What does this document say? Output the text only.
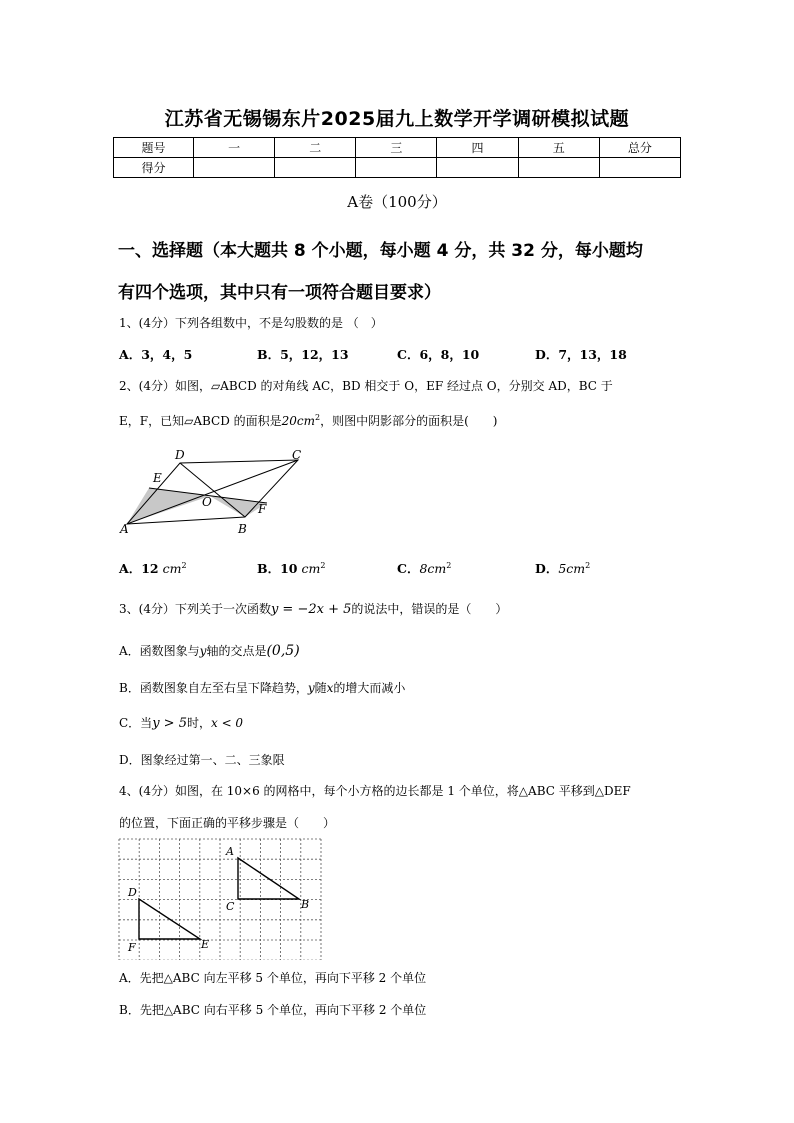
江苏省无锡锡东片2025届九上数学开学调研模拟试题
题号	一	二	三	四	五	总分
得分						
A卷（100分）
一、选择题（本大题共 8 个小题，每小题 4 分，共 32 分，每小题均
有四个选项，其中只有一项符合题目要求）
1、(4分）下列各组数中，不是勾股数的是 （　）
A．3，4，5	B．5，12，13	C．6，8，10	D．7，13，18
2、(4分）如图，▱ABCD 的对角线 AC，BD 相交于 O，EF 经过点 O，分别交 AD，BC 于
E，F，已知▱ABCD 的面积是$20cm^2$，则图中阴影部分的面积是(　　)
D	C
E
O	F
A	B
A．12 $cm^2$	B．10 $cm^2$	C．$8cm^2$	D．$5cm^2$
3、(4分）下列关于一次函数y = −2x + 5的说法中，错误的是（　　）
A．函数图象与y轴的交点是(0,5)
B．函数图象自左至右呈下降趋势，y随x的增大而减小
C．当y > 5时，x < 0
D．图象经过第一、二、三象限
4、(4分）如图，在 10×6 的网格中，每个小方格的边长都是 1 个单位，将△ABC 平移到△DEF
的位置，下面正确的平移步骤是（　　）
A
C	B
D
F	E
A．先把△ABC 向左平移 5 个单位，再向下平移 2 个单位
B．先把△ABC 向右平移 5 个单位，再向下平移 2 个单位
